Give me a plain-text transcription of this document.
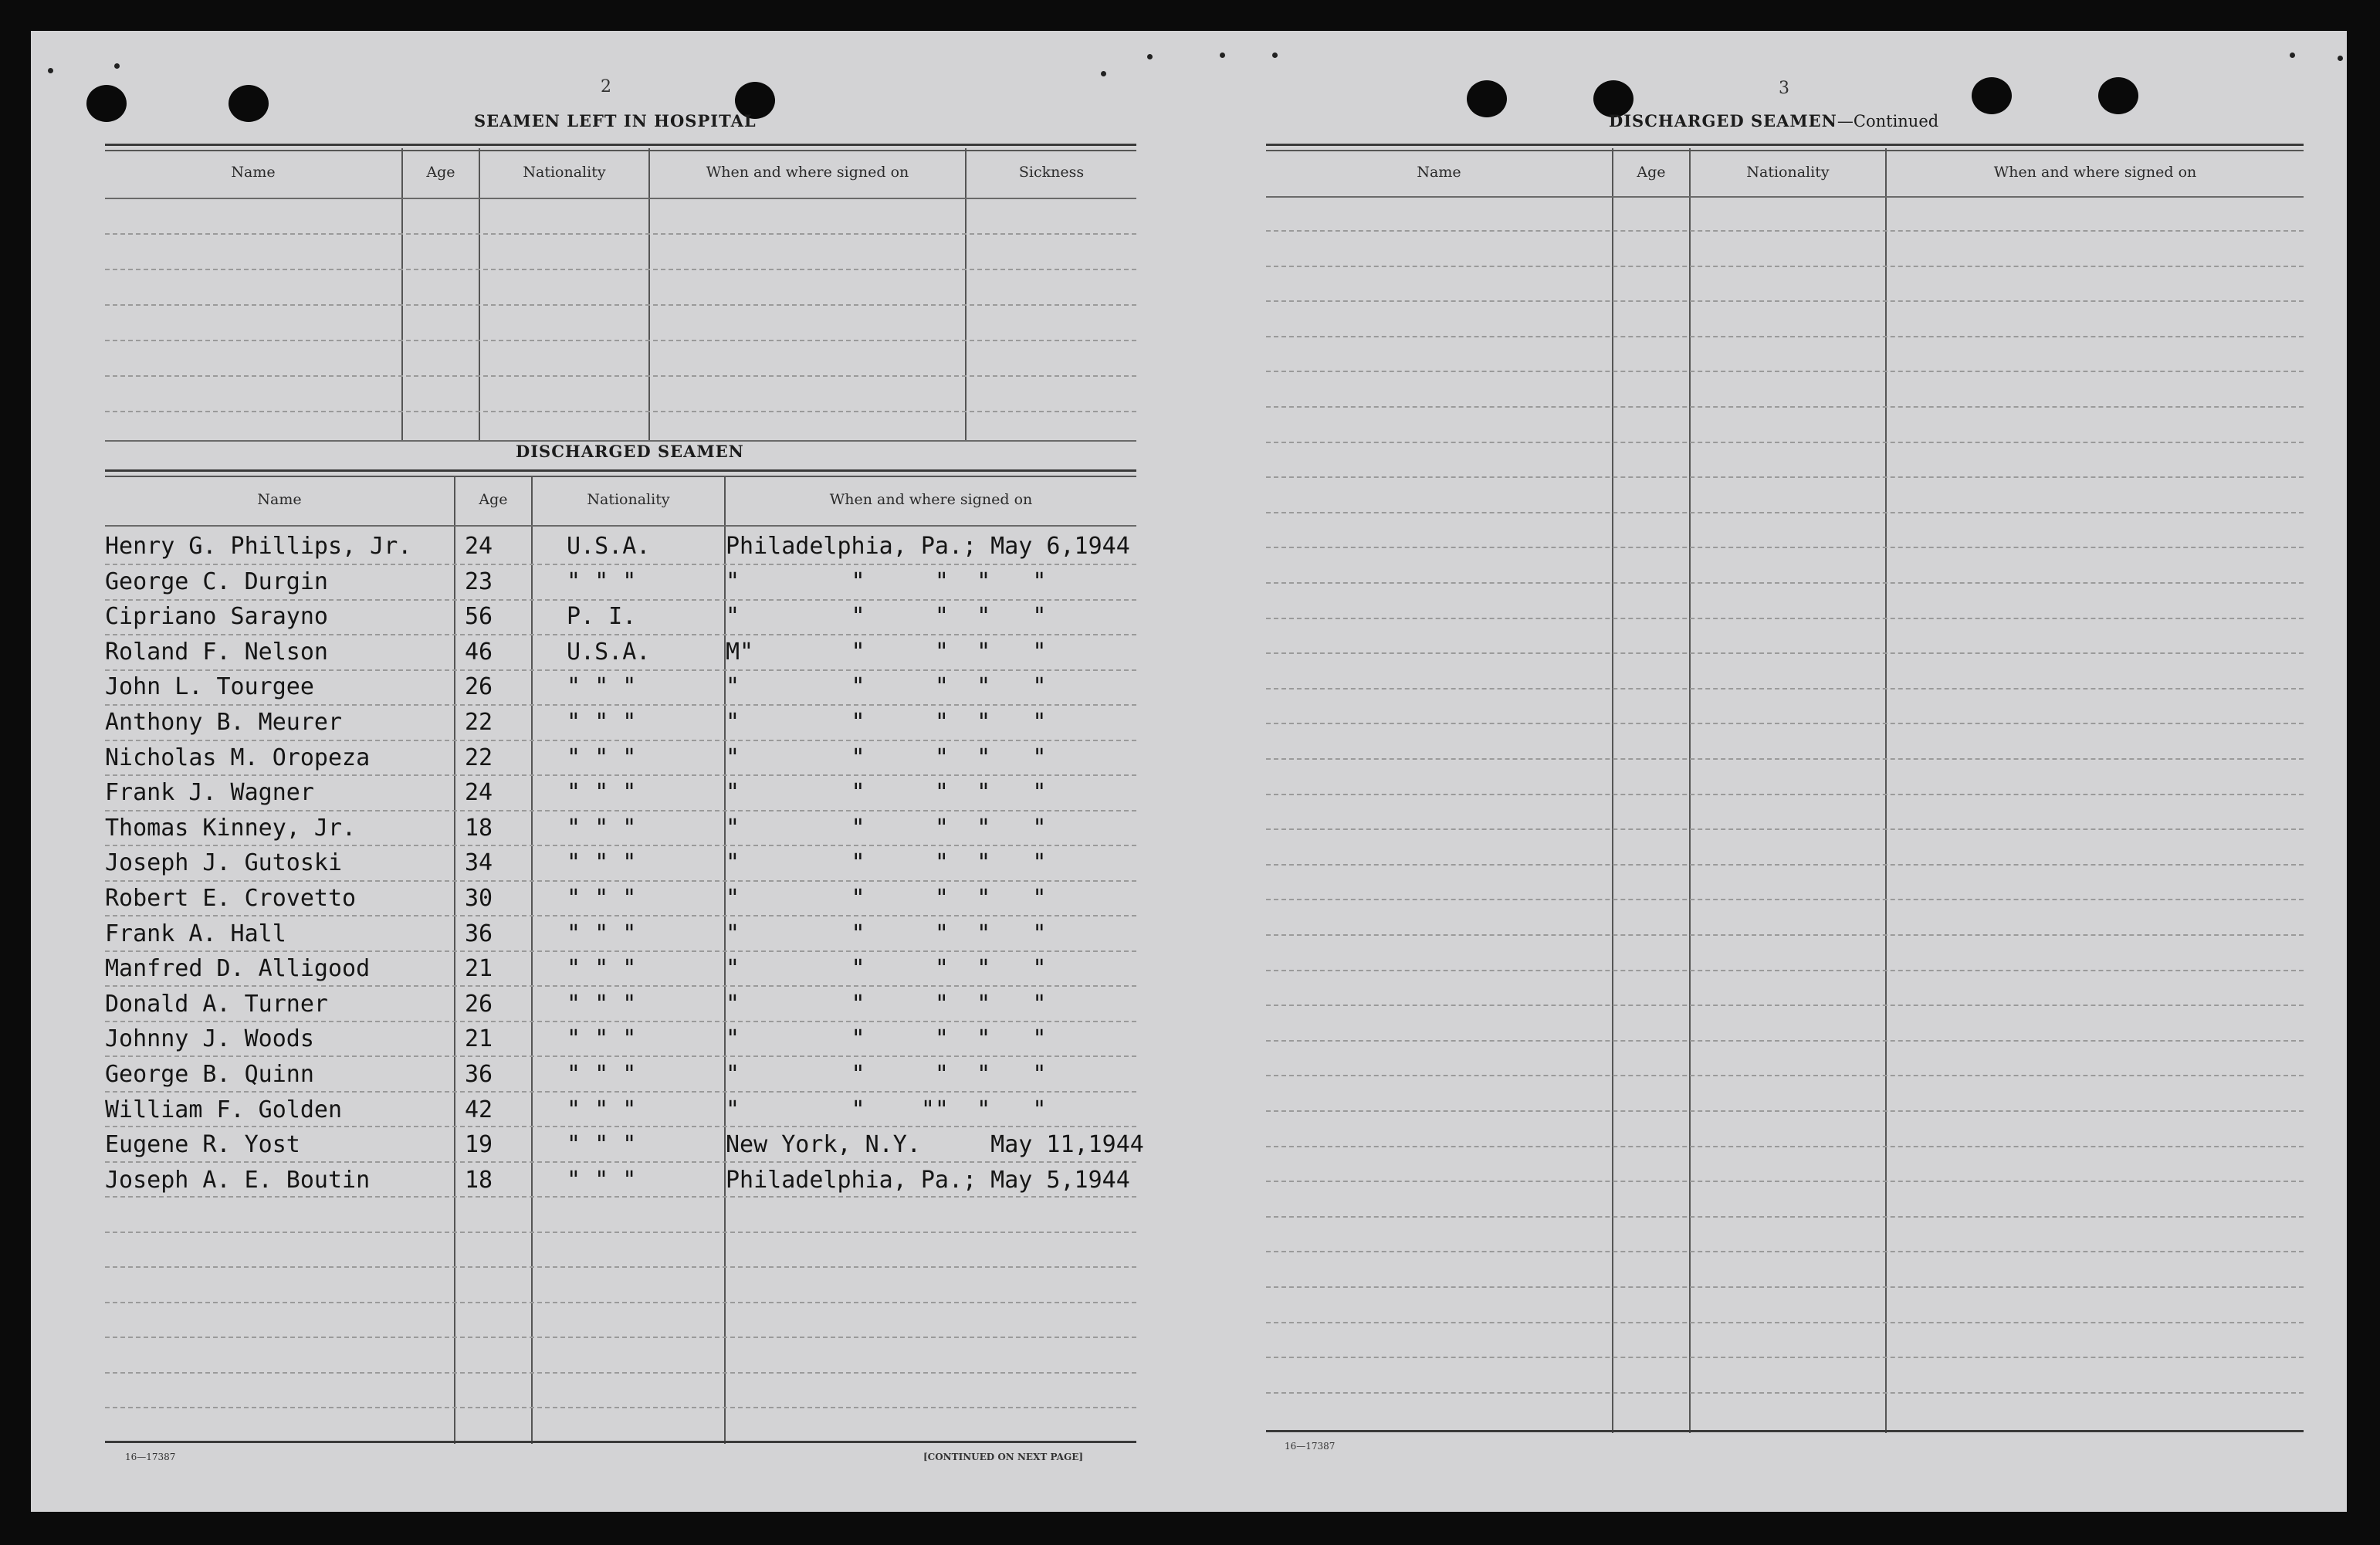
2
SEAMEN LEFT IN HOSPITAL
Name	Age	Nationality	When and where signed on	Sickness
DISCHARGED SEAMEN
Name	Age	Nationality	When and where signed on
Henry G. Phillips, Jr. 24	U.S.A.	Philadelphia, Pa.; May 6,1944
George C. Durgin	23	" " "	"        "     "  "   "
Cipriano Sarayno	56	P. I.	"        "     "  "   "
Roland F. Nelson	46	U.S.A.	M"       "     "  "   "
John L. Tourgee	26	" " "	"        "     "  "   "
Anthony B. Meurer	22	" " "	"        "     "  "   "
Nicholas M. Oropeza	22	" " "	"        "     "  "   "
Frank J. Wagner	24	" " "	"        "     "  "   "
Thomas Kinney, Jr.	18	" " "	"        "     "  "   "
Joseph J. Gutoski	34	" " "	"        "     "  "   "
Robert E. Crovetto	30	" " "	"        "     "  "   "
Frank A. Hall	36	" " "	"        "     "  "   "
Manfred D. Alligood	21	" " "	"        "     "  "   "
Donald A. Turner	26	" " "	"        "     "  "   "
Johnny J. Woods	21	" " "	"        "     "  "   "
George B. Quinn	36	" " "	"        "     "  "   "
William F. Golden	42	" " "	"        "    ""  "   "
Eugene R. Yost	19	" " "	New York, N.Y.     May 11,1944
Joseph A. E. Boutin	18	" " "	Philadelphia, Pa.; May 5,1944
16—17387	[CONTINUED ON NEXT PAGE]
3
DISCHARGED SEAMEN—Continued
Name	Age	Nationality	When and where signed on
16—17387
